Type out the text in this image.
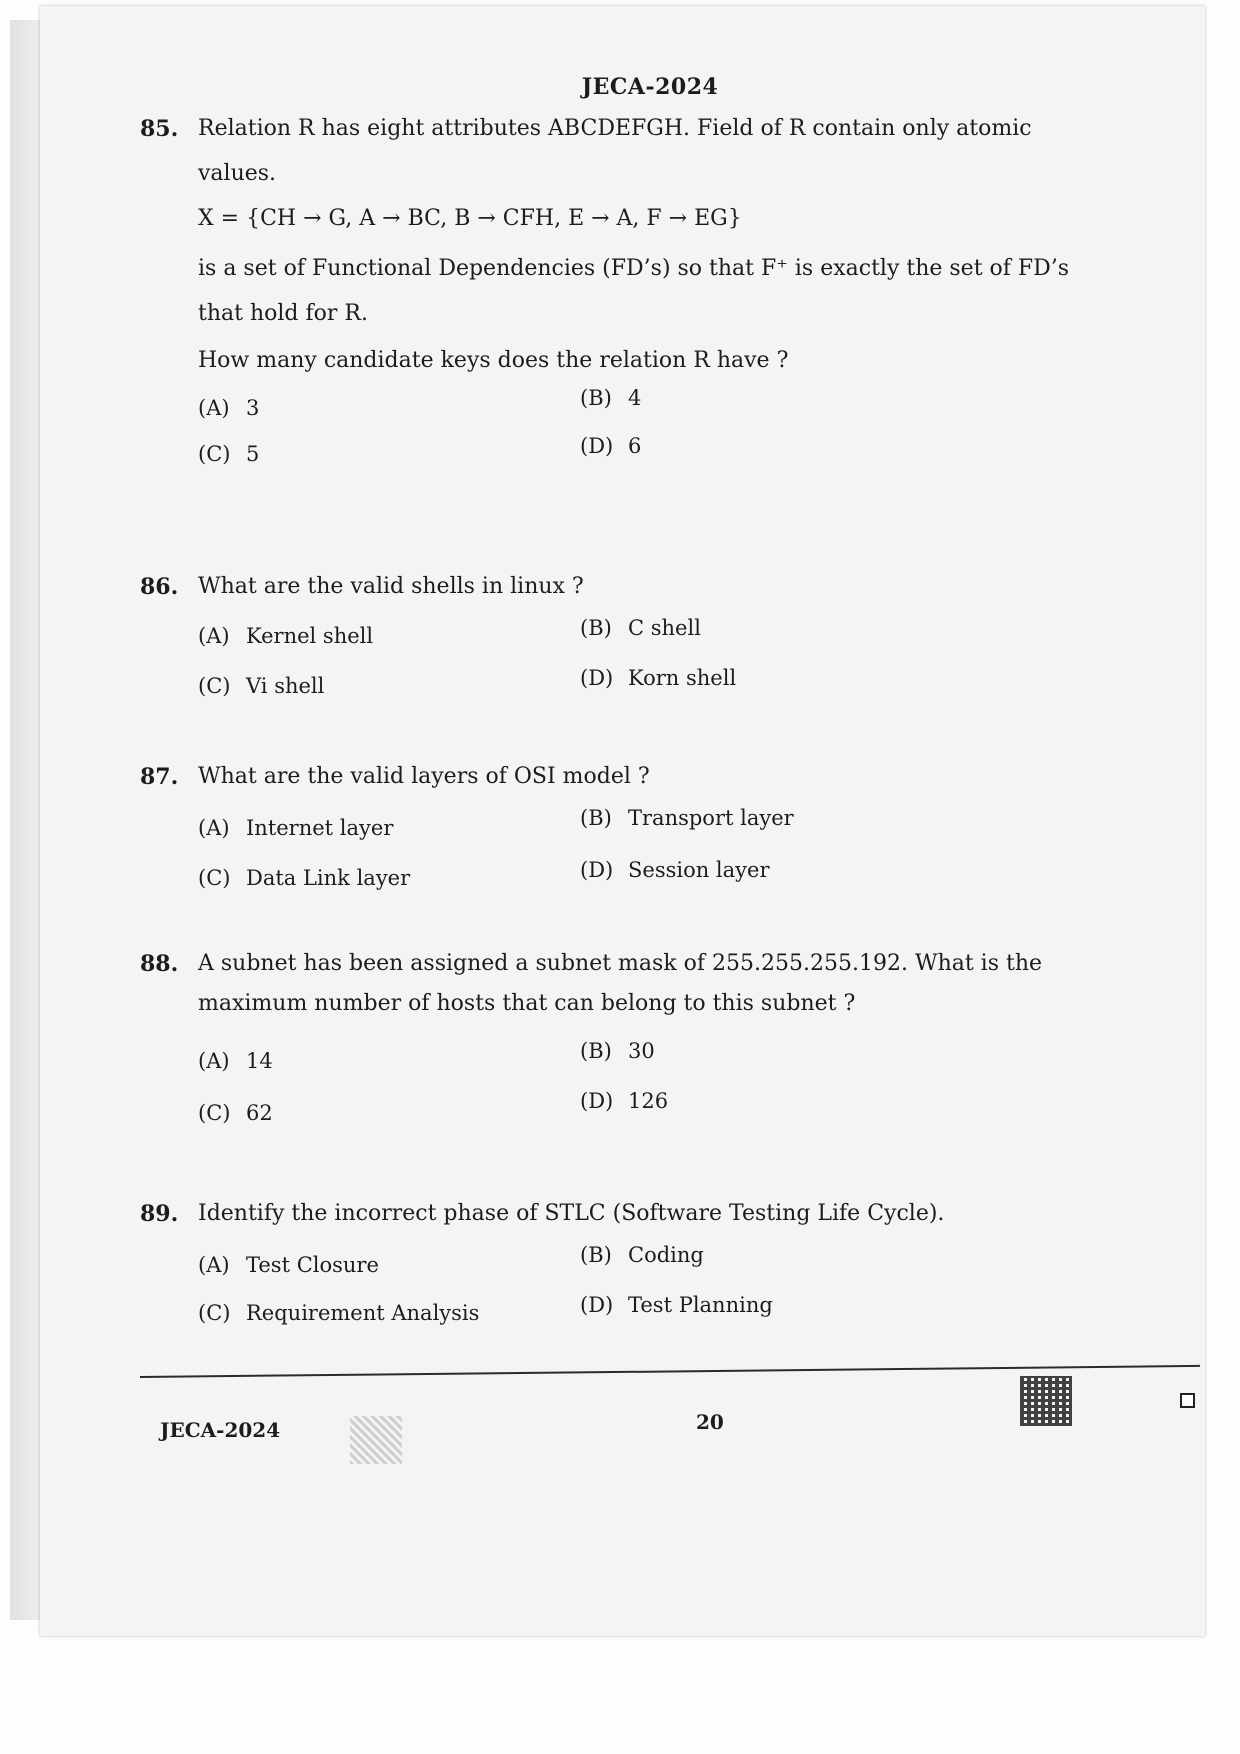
JECA-2024
85. Relation R has eight attributes ABCDEFGH. Field of R contain only atomic
values.
X = {CH → G, A → BC, B → CFH, E → A, F → EG}
is a set of Functional Dependencies (FD’s) so that F⁺ is exactly the set of FD’s
that hold for R.
How many candidate keys does the relation R have ?
(A) 3	(B) 4
(C) 5	(D) 6
86. What are the valid shells in linux ?
(A) Kernel shell	(B) C shell
(C) Vi shell	(D) Korn shell
87. What are the valid layers of OSI model ?
(A) Internet layer	(B) Transport layer
(C) Data Link layer	(D) Session layer
88. A subnet has been assigned a subnet mask of 255.255.255.192. What is the
maximum number of hosts that can belong to this subnet ?
(A) 14	(B) 30
(C) 62	(D) 126
89. Identify the incorrect phase of STLC (Software Testing Life Cycle).
(A) Test Closure	(B) Coding
(C) Requirement Analysis	(D) Test Planning
JECA-2024	20
